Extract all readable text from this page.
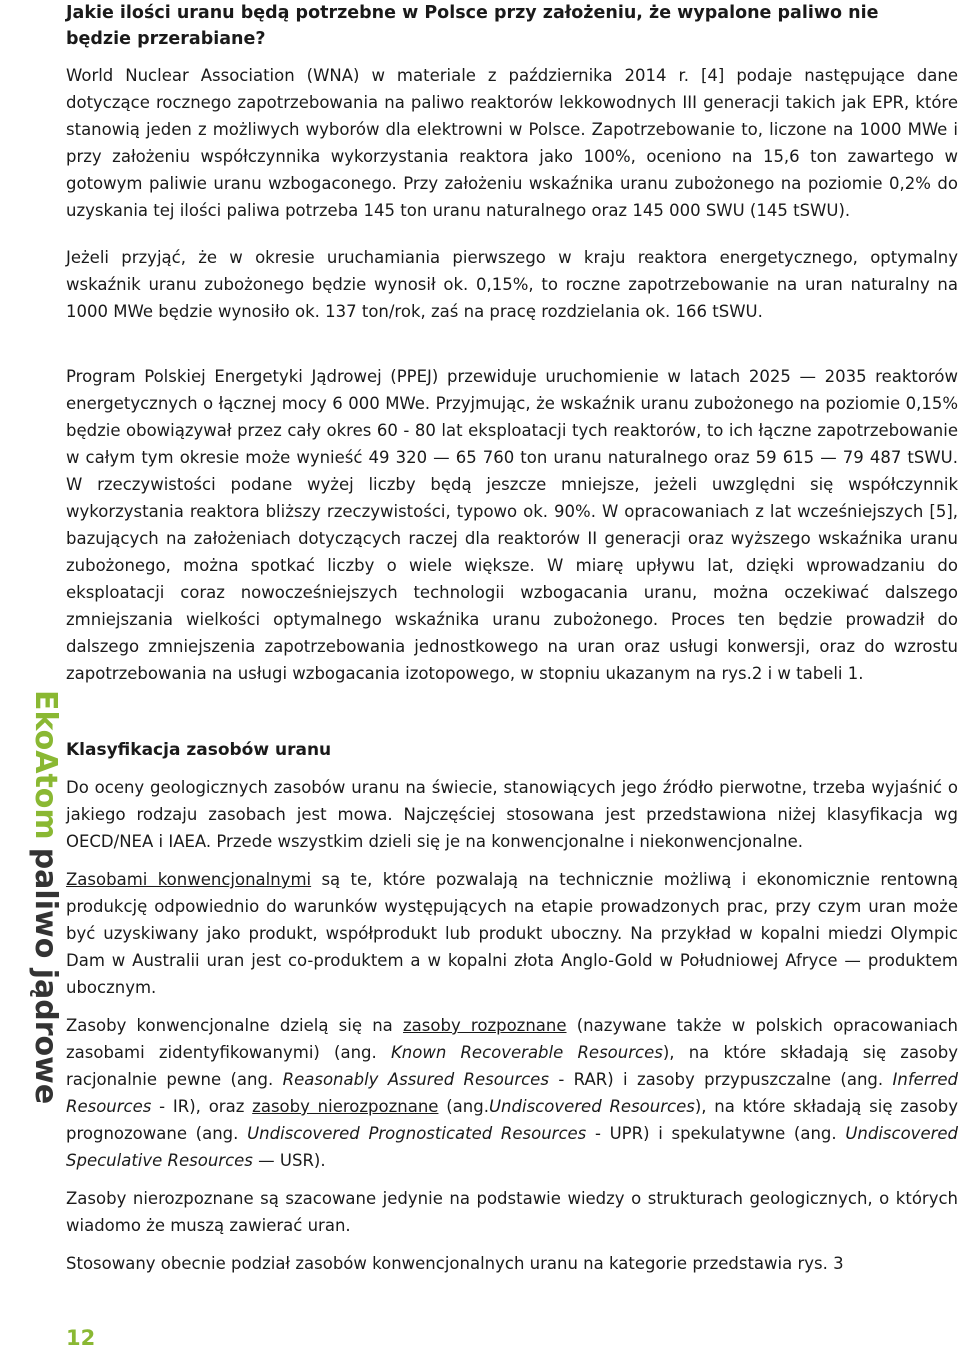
Jakie ilości uranu będą potrzebne w Polsce przy założeniu, że wypalone paliwo nie będzie przerabiane?

World Nuclear Association (WNA) w materiale z października 2014 r. [4] podaje następujące dane dotyczące rocznego zapotrzebowania na paliwo reaktorów lekkowodnych III generacji takich jak EPR, które stanowią jeden z możliwych wyborów dla elektrowni w Polsce. Zapotrzebowanie to, liczone na 1000 MWe i przy założeniu współczynnika wykorzystania reaktora jako 100%, oceniono na 15,6 ton zawartego w gotowym paliwie uranu wzbogaconego. Przy założeniu wskaźnika uranu zubożonego na poziomie 0,2% do uzyskania tej ilości paliwa potrzeba 145 ton uranu naturalnego oraz 145 000 SWU (145 tSWU).

Jeżeli przyjąć, że w okresie uruchamiania pierwszego w kraju reaktora energetycznego, optymalny wskaźnik uranu zubożonego będzie wynosił ok. 0,15%, to roczne zapotrzebowanie na uran naturalny na 1000 MWe będzie wynosiło ok. 137 ton/rok, zaś na pracę rozdzielania ok. 166 tSWU.

Program Polskiej Energetyki Jądrowej (PPEJ) przewiduje uruchomienie w latach 2025 — 2035 reaktorów energetycznych o łącznej mocy 6 000 MWe. Przyjmując, że wskaźnik uranu zubożonego na poziomie 0,15% będzie obowiązywał przez cały okres 60 - 80 lat eksploatacji tych reaktorów, to ich łączne zapotrzebowanie w całym tym okresie może wynieść 49 320 — 65 760 ton uranu naturalnego oraz 59 615 — 79 487 tSWU. W rzeczywistości podane wyżej liczby będą jeszcze mniejsze, jeżeli uwzględni się współczynnik wykorzystania reaktora bliższy rzeczywistości, typowo ok. 90%. W opracowaniach z lat wcześniejszych [5], bazujących na założeniach dotyczących raczej dla reaktorów II generacji oraz wyższego wskaźnika uranu zubożonego, można spotkać liczby o wiele większe. W miarę upływu lat, dzięki wprowadzaniu do eksploatacji coraz nowocześniejszych technologii wzbogacania uranu, można oczekiwać dalszego zmniejszania wielkości optymalnego wskaźnika uranu zubożonego. Proces ten będzie prowadził do dalszego zmniejszenia zapotrzebowania jednostkowego na uran oraz usługi konwersji, oraz do wzrostu zapotrzebowania na usługi wzbogacania izotopowego, w stopniu ukazanym na rys.2 i w tabeli 1.

Klasyfikacja zasobów uranu

Do oceny geologicznych zasobów uranu na świecie, stanowiących jego źródło pierwotne, trzeba wyjaśnić o jakiego rodzaju zasobach jest mowa. Najczęściej stosowana jest przedstawiona niżej klasyfikacja wg OECD/NEA i IAEA. Przede wszystkim dzieli się je na konwencjonalne i niekonwencjonalne.

Zasobami konwencjonalnymi są te, które pozwalają na technicznie możliwą i ekonomicznie rentowną produkcję odpowiednio do warunków występujących na etapie prowadzonych prac, przy czym uran może być uzyskiwany jako produkt, współprodukt lub produkt uboczny. Na przykład w kopalni miedzi Olympic Dam w Australii uran jest co-produktem a w kopalni złota Anglo-Gold w Południowej Afryce — produktem ubocznym.

Zasoby konwencjonalne dzielą się na zasoby rozpoznane (nazywane także w polskich opracowaniach zasobami zidentyfikowanymi) (ang. Known Recoverable Resources), na które składają się zasoby racjonalnie pewne (ang. Reasonably Assured Resources - RAR) i zasoby przypuszczalne (ang. Inferred Resources - IR), oraz zasoby nierozpoznane (ang.Undiscovered Resources), na które składają się zasoby prognozowane (ang. Undiscovered Prognosticated Resources - UPR) i spekulatywne (ang. Undiscovered Speculative Resources — USR).

Zasoby nierozpoznane są szacowane jedynie na podstawie wiedzy o strukturach geologicznych, o których wiadomo że muszą zawierać uran.

Stosowany obecnie podział zasobów konwencjonalnych uranu na kategorie przedstawia rys. 3

EkoAtompaliwo jądrowe
12
